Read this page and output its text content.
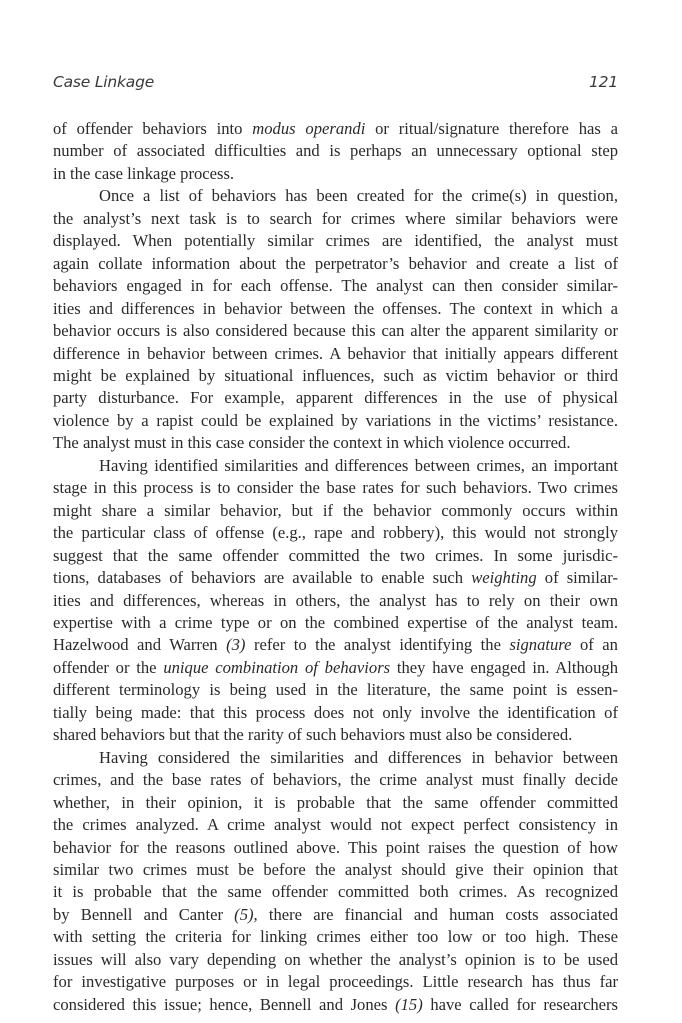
Case Linkage	121

of offender behaviors into modus operandi or ritual/signature therefore has a
number of associated difficulties and is perhaps an unnecessary optional step
in the case linkage process.

Once a list of behaviors has been created for the crime(s) in question,
the analyst’s next task is to search for crimes where similar behaviors were
displayed. When potentially similar crimes are identified, the analyst must
again collate information about the perpetrator’s behavior and create a list of
behaviors engaged in for each offense. The analyst can then consider similar-
ities and differences in behavior between the offenses. The context in which a
behavior occurs is also considered because this can alter the apparent similarity or
difference in behavior between crimes. A behavior that initially appears different
might be explained by situational influences, such as victim behavior or third
party disturbance. For example, apparent differences in the use of physical
violence by a rapist could be explained by variations in the victims’ resistance.
The analyst must in this case consider the context in which violence occurred.

Having identified similarities and differences between crimes, an important
stage in this process is to consider the base rates for such behaviors. Two crimes
might share a similar behavior, but if the behavior commonly occurs within
the particular class of offense (e.g., rape and robbery), this would not strongly
suggest that the same offender committed the two crimes. In some jurisdic-
tions, databases of behaviors are available to enable such weighting of similar-
ities and differences, whereas in others, the analyst has to rely on their own
expertise with a crime type or on the combined expertise of the analyst team.
Hazelwood and Warren (3) refer to the analyst identifying the signature of an
offender or the unique combination of behaviors they have engaged in. Although
different terminology is being used in the literature, the same point is essen-
tially being made: that this process does not only involve the identification of
shared behaviors but that the rarity of such behaviors must also be considered.

Having considered the similarities and differences in behavior between
crimes, and the base rates of behaviors, the crime analyst must finally decide
whether, in their opinion, it is probable that the same offender committed
the crimes analyzed. A crime analyst would not expect perfect consistency in
behavior for the reasons outlined above. This point raises the question of how
similar two crimes must be before the analyst should give their opinion that
it is probable that the same offender committed both crimes. As recognized
by Bennell and Canter (5), there are financial and human costs associated
with setting the criteria for linking crimes either too low or too high. These
issues will also vary depending on whether the analyst’s opinion is to be used
for investigative purposes or in legal proceedings. Little research has thus far
considered this issue; hence, Bennell and Jones (15) have called for researchers
